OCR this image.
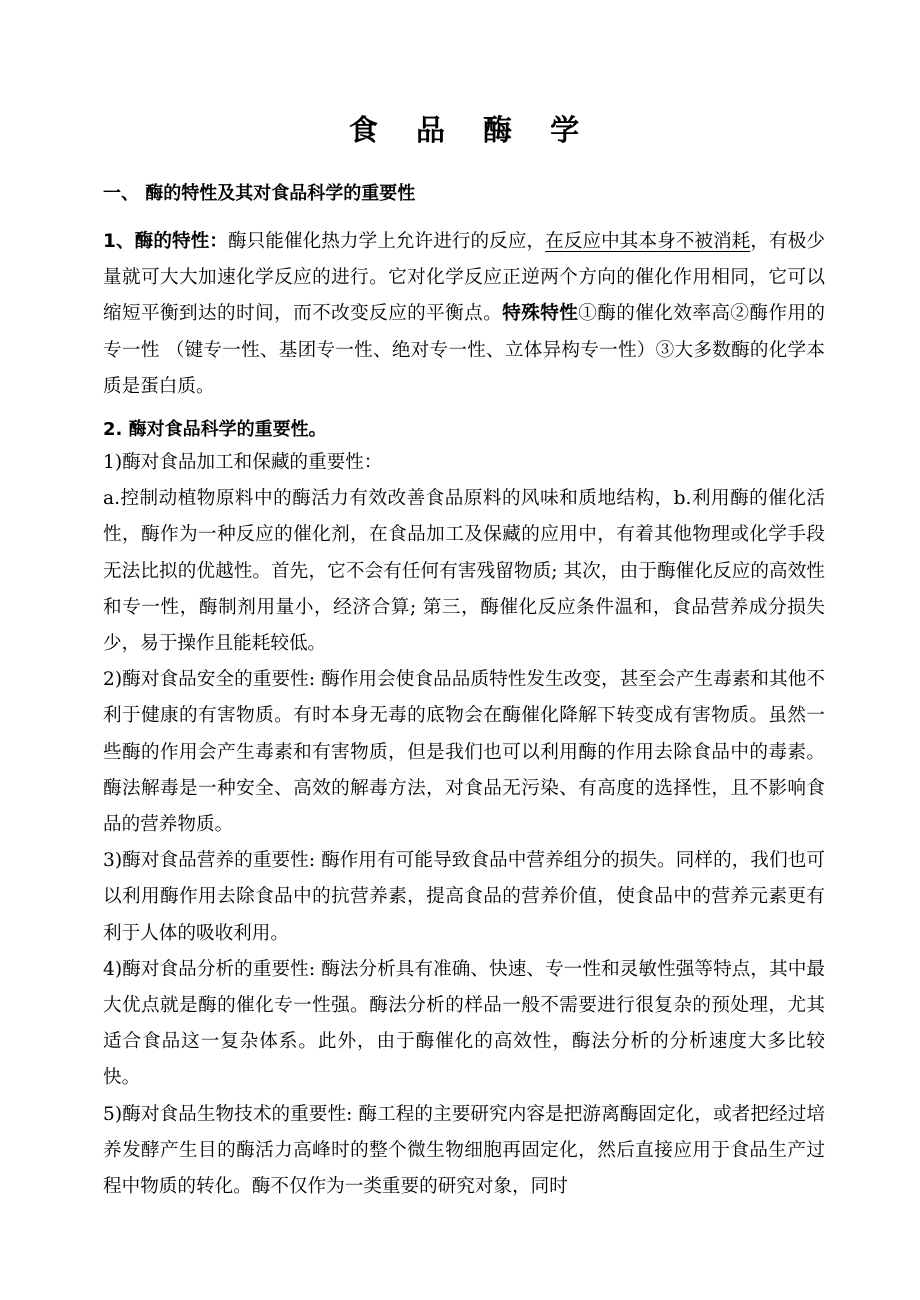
食 品 酶 学
一、 酶的特性及其对食品科学的重要性

1、酶的特性：酶只能催化热力学上允许进行的反应，在反应中其本身不被消耗，有极少量就可大大加速化学反应的进行。它对化学反应正逆两个方向的催化作用相同，它可以缩短平衡到达的时间，而不改变反应的平衡点。特殊特性①酶的催化效率高②酶作用的专一性 （键专一性、基团专一性、绝对专一性、立体异构专一性）③大多数酶的化学本质是蛋白质。

2. 酶对食品科学的重要性。

1)酶对食品加工和保藏的重要性：

a.控制动植物原料中的酶活力有效改善食品原料的风味和质地结构，b.利用酶的催化活性，酶作为一种反应的催化剂，在食品加工及保藏的应用中，有着其他物理或化学手段无法比拟的优越性。首先，它不会有任何有害残留物质; 其次，由于酶催化反应的高效性和专一性，酶制剂用量小，经济合算; 第三，酶催化反应条件温和，食品营养成分损失少，易于操作且能耗较低。

2)酶对食品安全的重要性: 酶作用会使食品品质特性发生改变，甚至会产生毒素和其他不利于健康的有害物质。有时本身无毒的底物会在酶催化降解下转变成有害物质。虽然一些酶的作用会产生毒素和有害物质，但是我们也可以利用酶的作用去除食品中的毒素。酶法解毒是一种安全、高效的解毒方法，对食品无污染、有高度的选择性，且不影响食品的营养物质。

3)酶对食品营养的重要性: 酶作用有可能导致食品中营养组分的损失。同样的，我们也可以利用酶作用去除食品中的抗营养素，提高食品的营养价值，使食品中的营养元素更有利于人体的吸收利用。

4)酶对食品分析的重要性: 酶法分析具有准确、快速、专一性和灵敏性强等特点，其中最大优点就是酶的催化专一性强。酶法分析的样品一般不需要进行很复杂的预处理，尤其适合食品这一复杂体系。此外，由于酶催化的高效性，酶法分析的分析速度大多比较快。

5)酶对食品生物技术的重要性: 酶工程的主要研究内容是把游离酶固定化，或者把经过培养发酵产生目的酶活力高峰时的整个微生物细胞再固定化，然后直接应用于食品生产过程中物质的转化。酶不仅作为一类重要的研究对象，同时
